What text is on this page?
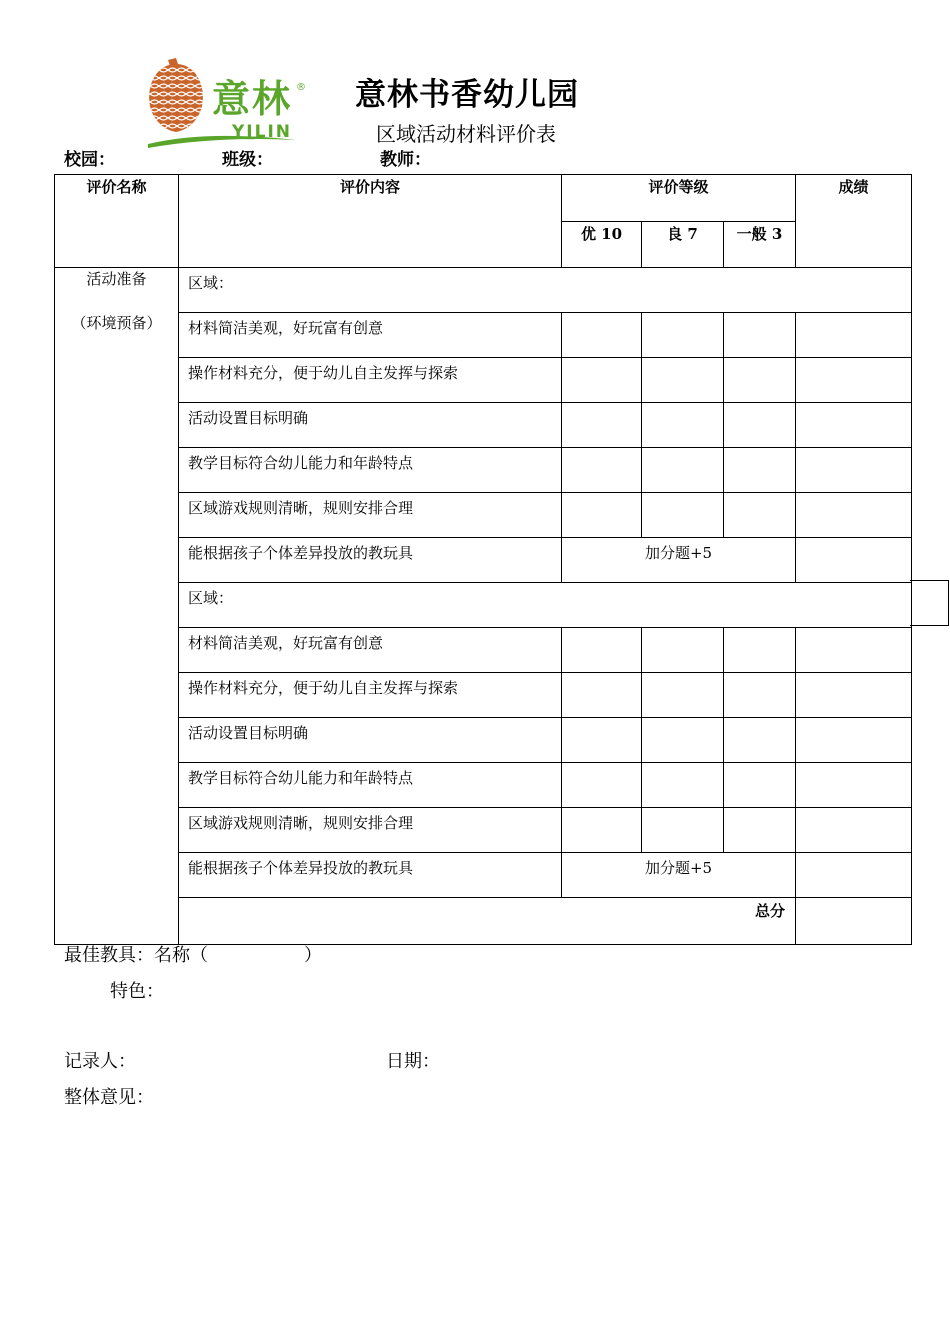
意林
YILIN
® 意林书香幼儿园
区域活动材料评价表
校园：	班级：	教师：
评价名称	评价内容	评价等级			成绩
		优 10	良 7	一般 3	

活动准备
（环境预备）	区域：				
	材料简洁美观，好玩富有创意				
	操作材料充分，便于幼儿自主发挥与探索				
	活动设置目标明确				
	教学目标符合幼儿能力和年龄特点				
	区域游戏规则清晰，规则安排合理				
	能根据孩子个体差异投放的教玩具	加分题+5			
	区域：				
	材料简洁美观，好玩富有创意				
	操作材料充分，便于幼儿自主发挥与探索				
	活动设置目标明确				
	教学目标符合幼儿能力和年龄特点				
	区域游戏规则清晰，规则安排合理				
	能根据孩子个体差异投放的教玩具	加分题+5			
	总分				
最佳教具：名称（	）
特色：
记录人：	日期：
整体意见：
